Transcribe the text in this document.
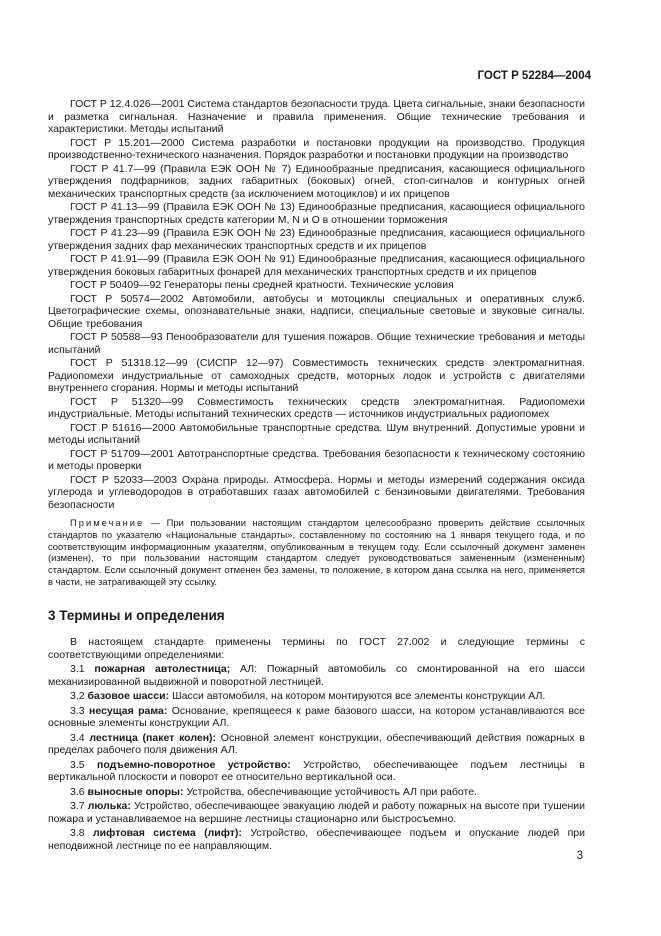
ГОСТ Р 52284—2004

ГОСТ Р 12.4.026—2001 Система стандартов безопасности труда. Цвета сигнальные, знаки безопасности и разметка сигнальная. Назначение и правила применения. Общие технические требования и характеристики. Методы испытаний

ГОСТ Р 15.201—2000 Система разработки и постановки продукции на производство. Продукция производственно-технического назначения. Порядок разработки и постановки продукции на производство

ГОСТ Р 41.7—99 (Правила ЕЭК ООН № 7) Единообразные предписания, касающиеся официального утверждения подфарников, задних габаритных (боковых) огней, стоп-сигналов и контурных огней механических транспортных средств (за исключением мотоциклов) и их прицепов

ГОСТ Р 41.13—99 (Правила ЕЭК ООН № 13) Единообразные предписания, касающиеся официального утверждения транспортных средств категории M, N и O в отношении торможения

ГОСТ Р 41.23—99 (Правила ЕЭК ООН № 23) Единообразные предписания, касающиеся официального утверждения задних фар механических транспортных средств и их прицепов

ГОСТ Р 41.91—99 (Правила ЕЭК ООН № 91) Единообразные предписания, касающиеся официального утверждения боковых габаритных фонарей для механических транспортных средств и их прицепов

ГОСТ Р 50409—92 Генераторы пены средней кратности. Технические условия

ГОСТ Р 50574—2002 Автомобили, автобусы и мотоциклы специальных и оперативных служб. Цветографические схемы, опознавательные знаки, надписи, специальные световые и звуковые сигналы. Общие требования

ГОСТ Р 50588—93 Пенообразователи для тушения пожаров. Общие технические требования и методы испытаний

ГОСТ Р 51318.12—99 (СИСПР 12—97) Совместимость технических средств электромагнитная. Радиопомехи индустриальные от самоходных средств, моторных лодок и устройств с двигателями внутреннего сгорания. Нормы и методы испытаний

ГОСТ Р 51320—99 Совместимость технических средств электромагнитная. Радиопомехи индустриальные. Методы испытаний технических средств — источников индустриальных радиопомех

ГОСТ Р 51616—2000 Автомобильные транспортные средства. Шум внутренний. Допустимые уровни и методы испытаний

ГОСТ Р 51709—2001 Автотранспортные средства. Требования безопасности к техническому состоянию и методы проверки

ГОСТ Р 52033—2003 Охрана природы. Атмосфера. Нормы и методы измерений содержания оксида углерода и углеводородов в отработавших газах автомобилей с бензиновыми двигателями. Требования безопасности

Примечание — При пользовании настоящим стандартом целесообразно проверить действие ссылочных стандартов по указателю «Национальные стандарты», составленному по состоянию на 1 января текущего года, и по соответствующим информационным указателям, опубликованным в текущем году. Если ссылочный документ заменен (изменен), то при пользовании настоящим стандартом следует руководствоваться замененным (измененным) стандартом. Если ссылочный документ отменен без замены, то положение, в котором дана ссылка на него, применяется в части, не затрагивающей эту ссылку.

3 Термины и определения

В настоящем стандарте применены термины по ГОСТ 27.002 и следующие термины с соответствующими определениями:

3.1 пожарная автолестница; АЛ: Пожарный автомобиль со смонтированной на его шасси механизированной выдвижной и поворотной лестницей.

3.2 базовое шасси: Шасси автомобиля, на котором монтируются все элементы конструкции АЛ.

3.3 несущая рама: Основание, крепящееся к раме базового шасси, на котором устанавливаются все основные элементы конструкции АЛ.

3.4 лестница (пакет колен): Основной элемент конструкции, обеспечивающий действия пожарных в пределах рабочего поля движения АЛ.

3.5 подъемно-поворотное устройство: Устройство, обеспечивающее подъем лестницы в вертикальной плоскости и поворот ее относительно вертикальной оси.

3.6 выносные опоры: Устройства, обеспечивающие устойчивость АЛ при работе.

3.7 люлька: Устройство, обеспечивающее эвакуацию людей и работу пожарных на высоте при тушении пожара и устанавливаемое на вершине лестницы стационарно или быстросъемно.

3.8 лифтовая система (лифт): Устройство, обеспечивающее подъем и опускание людей при неподвижной лестнице по ее направляющим.

3
